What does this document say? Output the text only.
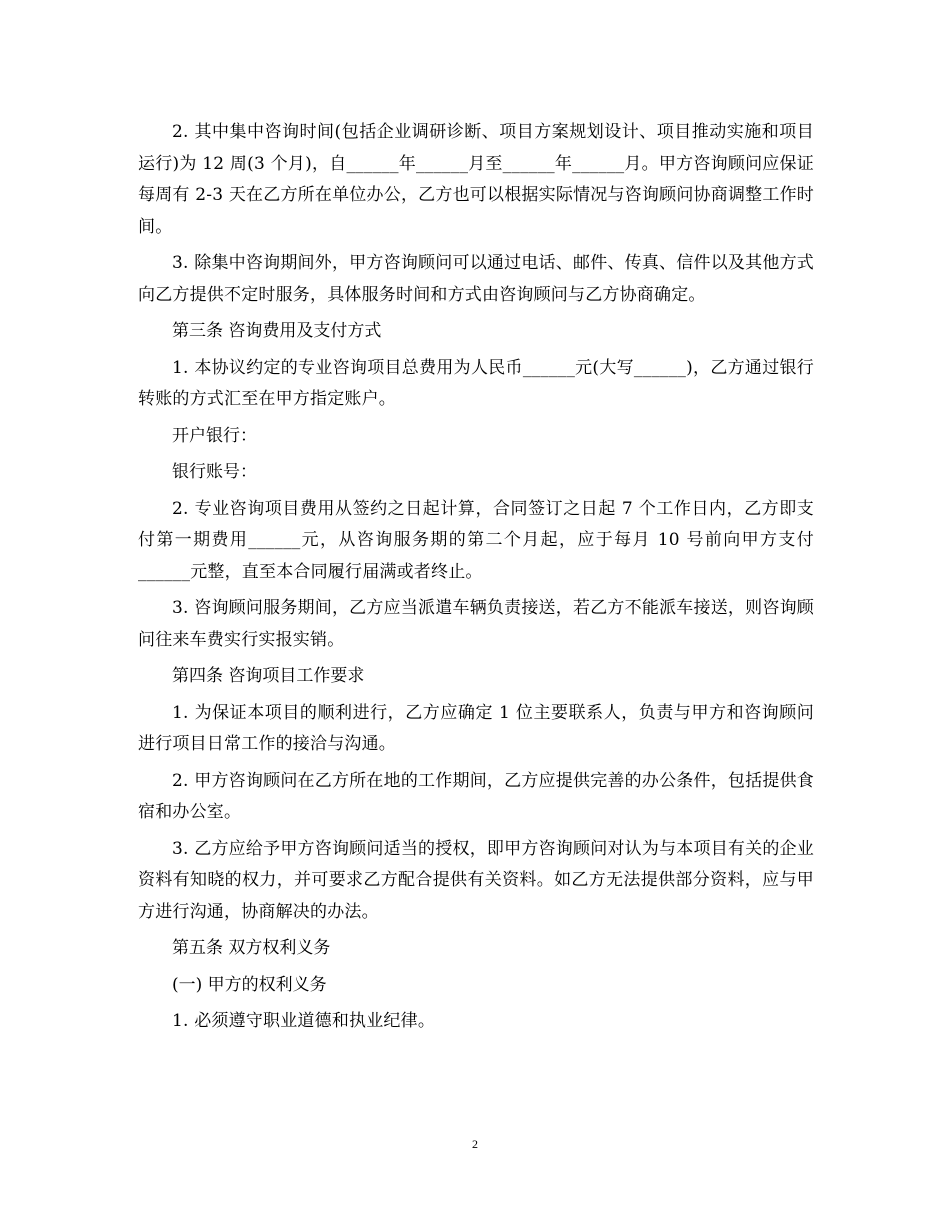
2. 其中集中咨询时间(包括企业调研诊断、项目方案规划设计、项目推动实施和项目运行)为 12 周(3 个月)，自______年______月至______年______月。甲方咨询顾问应保证每周有 2-3 天在乙方所在单位办公，乙方也可以根据实际情况与咨询顾问协商调整工作时间。

3. 除集中咨询期间外，甲方咨询顾问可以通过电话、邮件、传真、信件以及其他方式向乙方提供不定时服务，具体服务时间和方式由咨询顾问与乙方协商确定。

第三条 咨询费用及支付方式

1. 本协议约定的专业咨询项目总费用为人民币______元(大写______)，乙方通过银行转账的方式汇至在甲方指定账户。

开户银行：

银行账号：

2. 专业咨询项目费用从签约之日起计算，合同签订之日起 7 个工作日内，乙方即支付第一期费用______元，从咨询服务期的第二个月起，应于每月 10 号前向甲方支付______元整，直至本合同履行届满或者终止。

3. 咨询顾问服务期间，乙方应当派遣车辆负责接送，若乙方不能派车接送，则咨询顾问往来车费实行实报实销。

第四条 咨询项目工作要求

1. 为保证本项目的顺利进行，乙方应确定 1 位主要联系人，负责与甲方和咨询顾问进行项目日常工作的接洽与沟通。

2. 甲方咨询顾问在乙方所在地的工作期间，乙方应提供完善的办公条件，包括提供食宿和办公室。

3. 乙方应给予甲方咨询顾问适当的授权，即甲方咨询顾问对认为与本项目有关的企业资料有知晓的权力，并可要求乙方配合提供有关资料。如乙方无法提供部分资料，应与甲方进行沟通，协商解决的办法。

第五条 双方权利义务

(一) 甲方的权利义务

1. 必须遵守职业道德和执业纪律。

2
